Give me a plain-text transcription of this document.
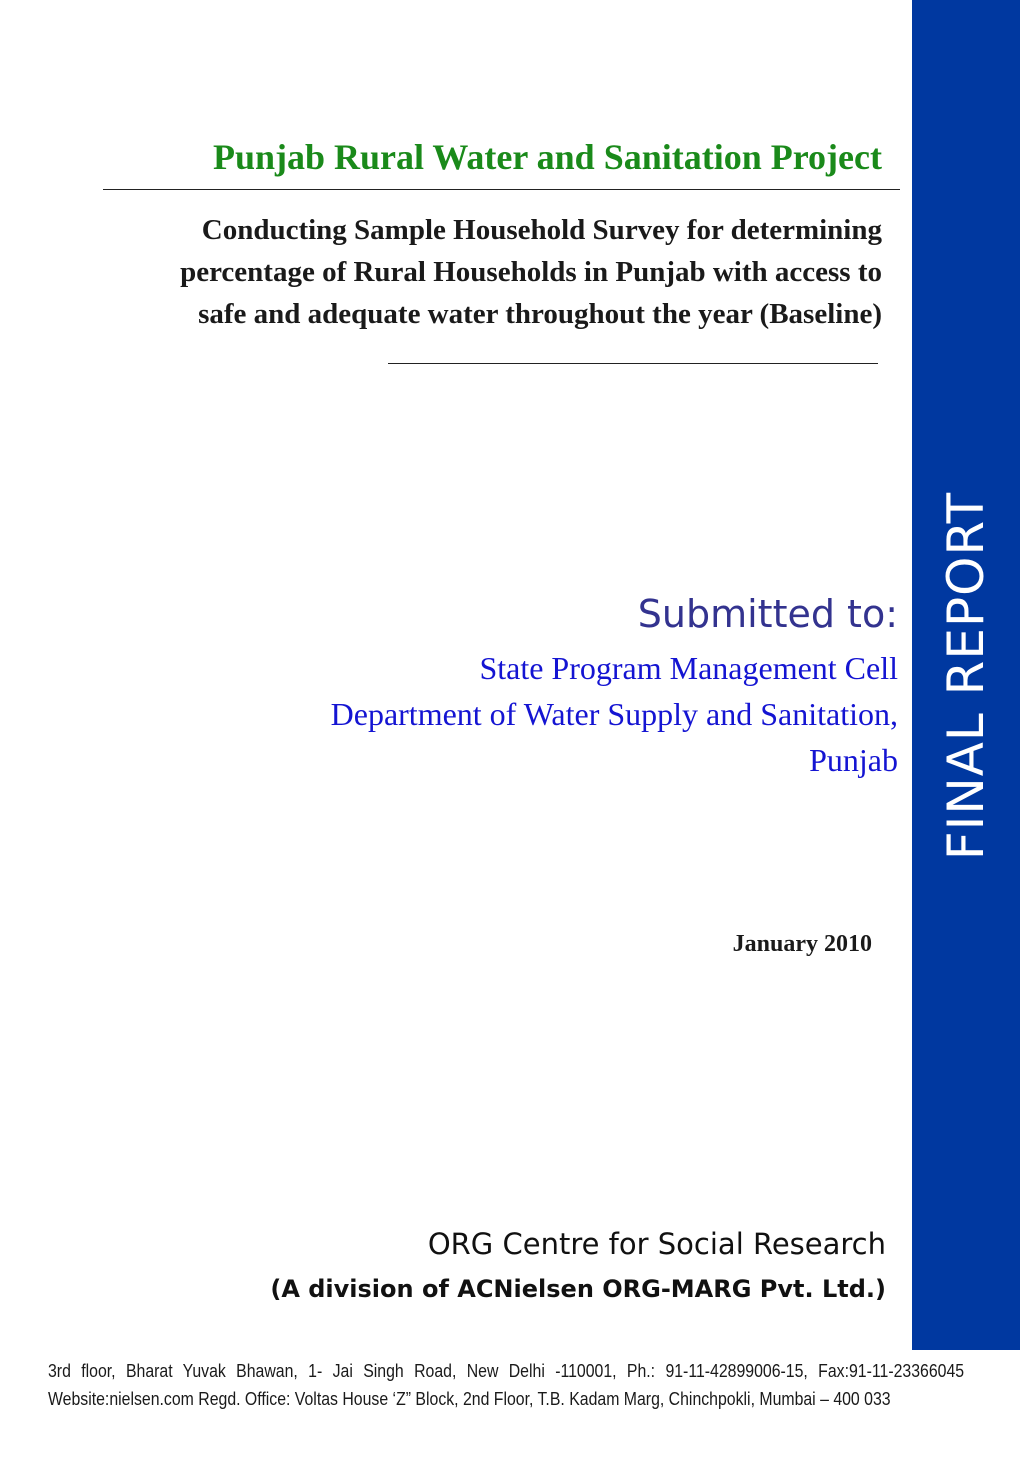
FINAL REPORT
Punjab Rural Water and Sanitation Project
Conducting Sample Household Survey for determining
percentage of Rural Households in Punjab with access to
safe and adequate water throughout the year (Baseline)
Submitted to:
State Program Management Cell
Department of Water Supply and Sanitation,
Punjab
January 2010
ORG Centre for Social Research
(A division of ACNielsen ORG-MARG Pvt. Ltd.)

3rd floor, Bharat Yuvak Bhawan, 1- Jai Singh Road, New Delhi -110001, Ph.: 91-11-42899006-15, Fax:91-11-23366045 Website:nielsen.com Regd. Office: Voltas House ‘Z” Block, 2nd Floor, T.B. Kadam Marg, Chinchpokli, Mumbai – 400 033
